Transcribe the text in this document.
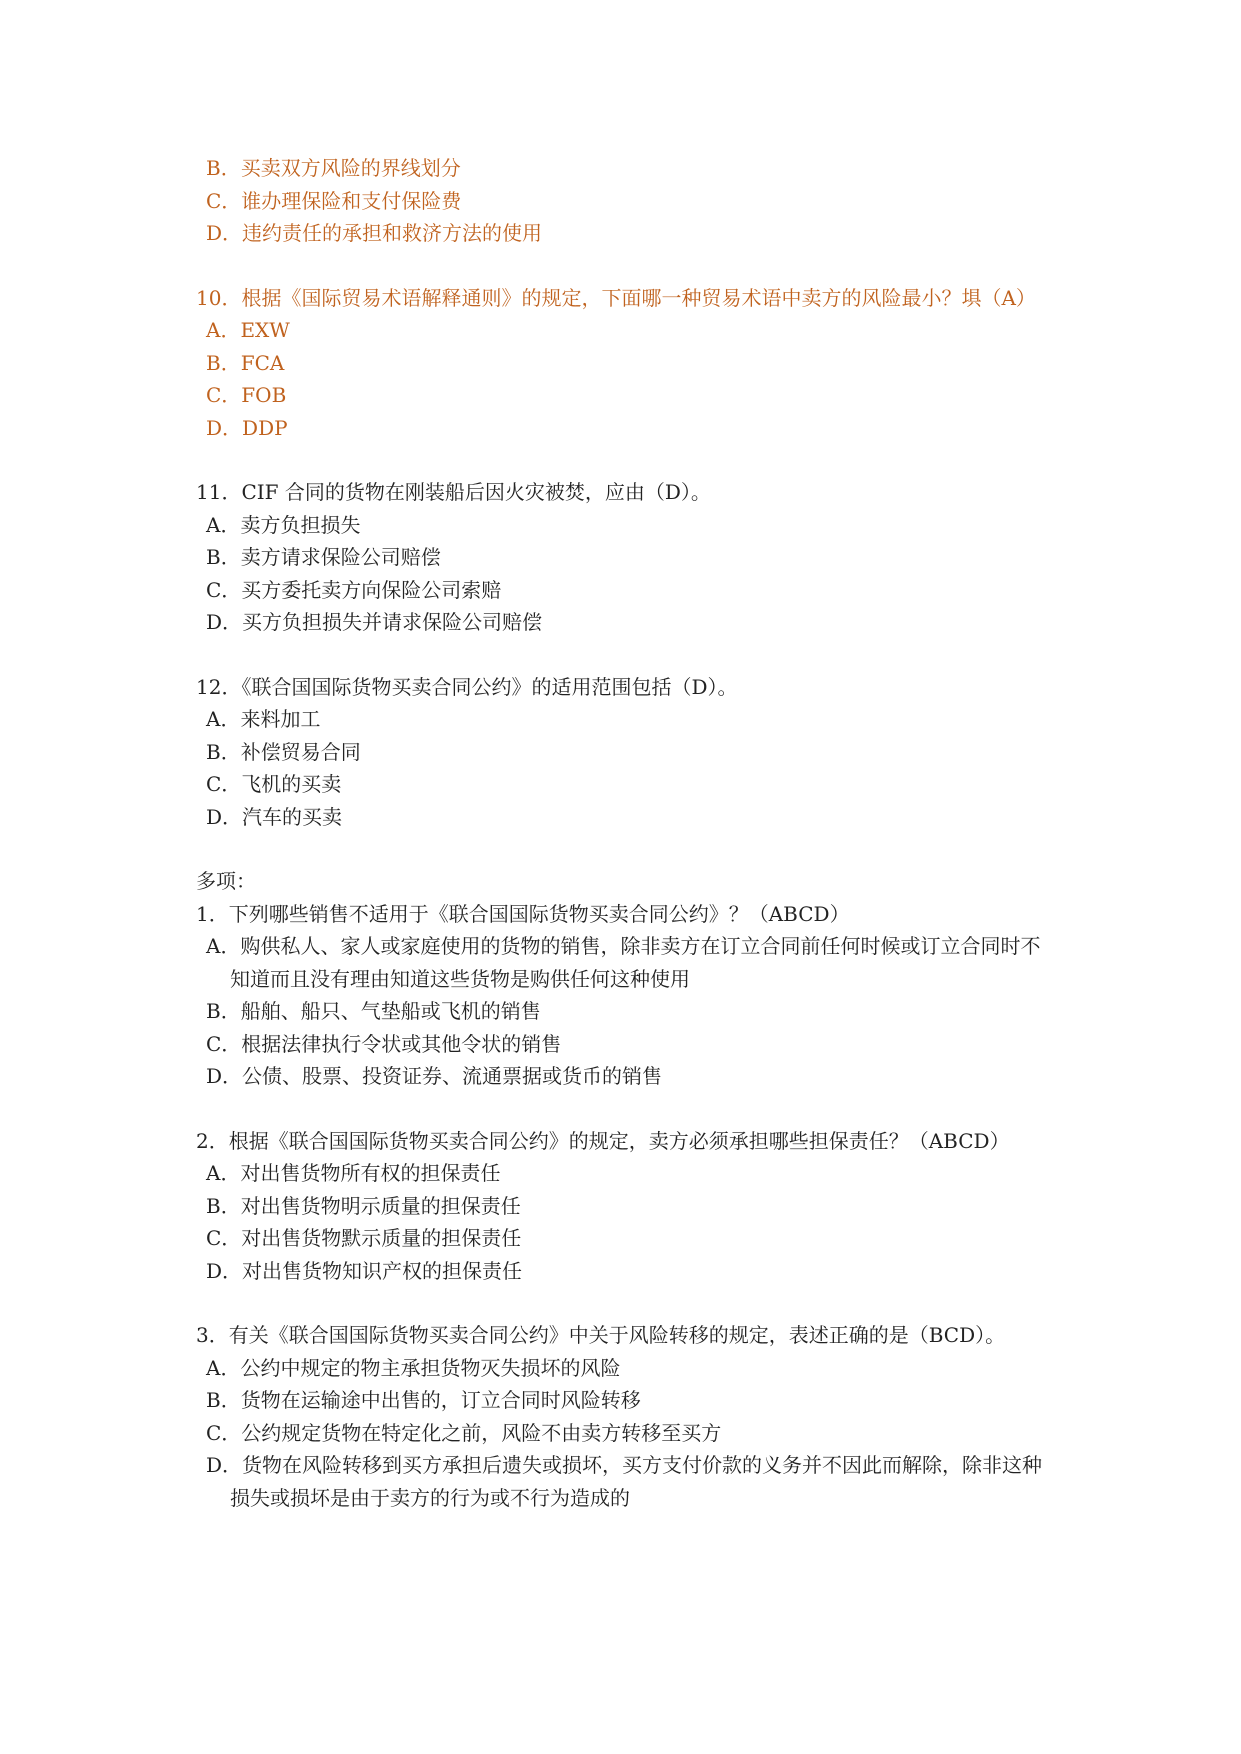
B．买卖双方风险的界线划分
C．谁办理保险和支付保险费
D．违约责任的承担和救济方法的使用
10．根据《国际贸易术语解释通则》的规定，下面哪一种贸易术语中卖方的风险最小？埧（A）
A．EXW
B．FCA
C．FOB
D．DDP
11．CIF 合同的货物在刚装船后因火灾被焚，应由（D）。
A．卖方负担损失
B．卖方请求保险公司赔偿
C．买方委托卖方向保险公司索赔
D．买方负担损失并请求保险公司赔偿
12．《联合国国际货物买卖合同公约》的适用范围包括（D）。
A．来料加工
B．补偿贸易合同
C．飞机的买卖
D．汽车的买卖
多项：
1．下列哪些销售不适用于《联合国国际货物买卖合同公约》？（ABCD）
A．购供私人、家人或家庭使用的货物的销售，除非卖方在订立合同前任何时候或订立合同时不知道而且没有理由知道这些货物是购供任何这种使用
B．船舶、船只、气垫船或飞机的销售
C．根据法律执行令状或其他令状的销售
D．公债、股票、投资证券、流通票据或货币的销售
2．根据《联合国国际货物买卖合同公约》的规定，卖方必须承担哪些担保责任？（ABCD）
A．对出售货物所有权的担保责任
B．对出售货物明示质量的担保责任
C．对出售货物默示质量的担保责任
D．对出售货物知识产权的担保责任
3．有关《联合国国际货物买卖合同公约》中关于风险转移的规定，表述正确的是（BCD）。
A．公约中规定的物主承担货物灭失损坏的风险
B．货物在运输途中出售的，订立合同时风险转移
C．公约规定货物在特定化之前，风险不由卖方转移至买方
D．货物在风险转移到买方承担后遗失或损坏，买方支付价款的义务并不因此而解除，除非这种损失或损坏是由于卖方的行为或不行为造成的
